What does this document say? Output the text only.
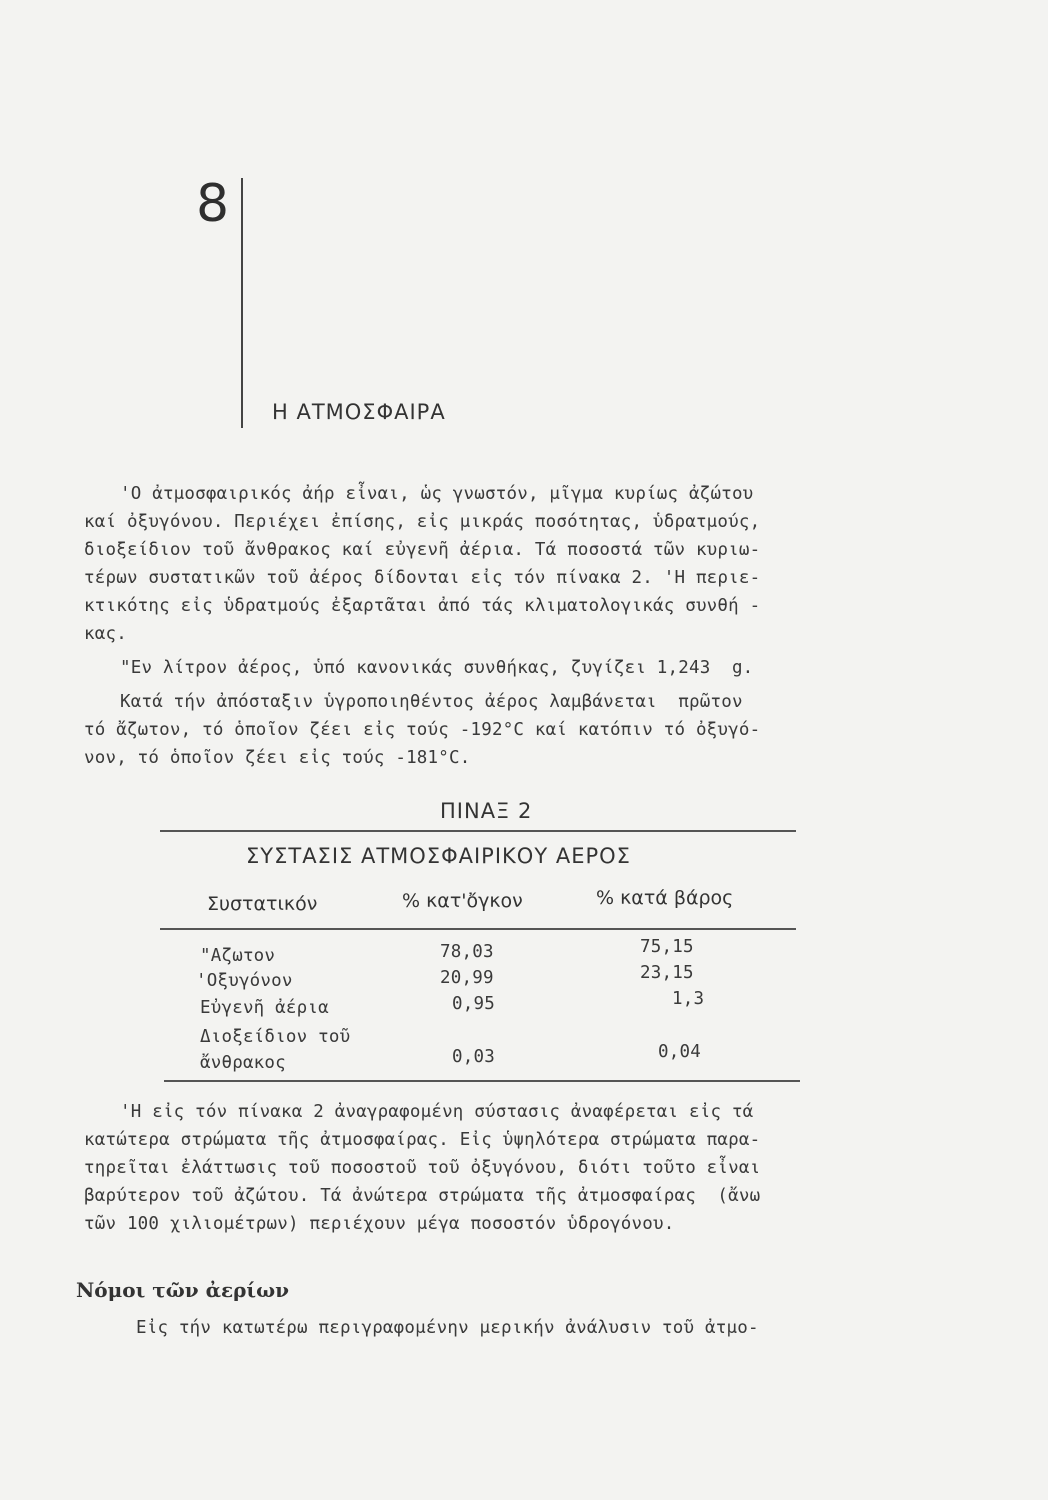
8
Η ΑΤΜΟΣΦΑΙΡΑ
'Ο ἀτμοσφαιρικός ἀήρ εἶναι, ὡς γνωστόν, μῖγμα κυρίως ἀζώτου
καί ὀξυγόνου. Περιέχει ἐπίσης, εἰς μικράς ποσότητας, ὑδρατμούς,
διοξείδιον τοῦ ἄνθρακος καί εὐγενῆ ἀέρια. Τά ποσοστά τῶν κυριω-
τέρων συστατικῶν τοῦ ἀέρος δίδονται εἰς τόν πίνακα 2. 'Η περιε-
κτικότης εἰς ὑδρατμούς ἐξαρτᾶται ἀπό τάς κλιματολογικάς συνθή -
κας.
"Εν λίτρον ἀέρος, ὑπό κανονικάς συνθήκας, ζυγίζει 1,243  g.
Κατά τήν ἀπόσταξιν ὑγροποιηθέντος ἀέρος λαμβάνεται  πρῶτον
τό ἄζωτον, τό ὁποῖον ζέει εἰς τούς -192°C καί κατόπιν τό ὀξυγό-
νον, τό ὁποῖον ζέει εἰς τούς -181°C.
ΠΙΝΑΞ 2
ΣΥΣΤΑΣΙΣ ΑΤΜΟΣΦΑΙΡΙΚΟΥ ΑΕΡΟΣ
Συστατικόν	% κατ'ὄγκον	% κατά βάρος
"Αζωτον	78,03	75,15
'Οξυγόνον	20,99	23,15
Εὐγενῆ ἀέρια	0,95	1,3
Διοξείδιον τοῦ
ἄνθρακος	0,03	0,04
'Η εἰς τόν πίνακα 2 ἀναγραφομένη σύστασις ἀναφέρεται εἰς τά
κατώτερα στρώματα τῆς ἀτμοσφαίρας. Εἰς ὑψηλότερα στρώματα παρα-
τηρεῖται ἐλάττωσις τοῦ ποσοστοῦ τοῦ ὀξυγόνου, διότι τοῦτο εἶναι
βαρύτερον τοῦ ἀζώτου. Τά ἀνώτερα στρώματα τῆς ἀτμοσφαίρας  (ἄνω
τῶν 100 χιλιομέτρων) περιέχουν μέγα ποσοστόν ὑδρογόνου.
Νόμοι τῶν ἀερίων
Εἰς τήν κατωτέρω περιγραφομένην μερικήν ἀνάλυσιν τοῦ ἀτμο-
